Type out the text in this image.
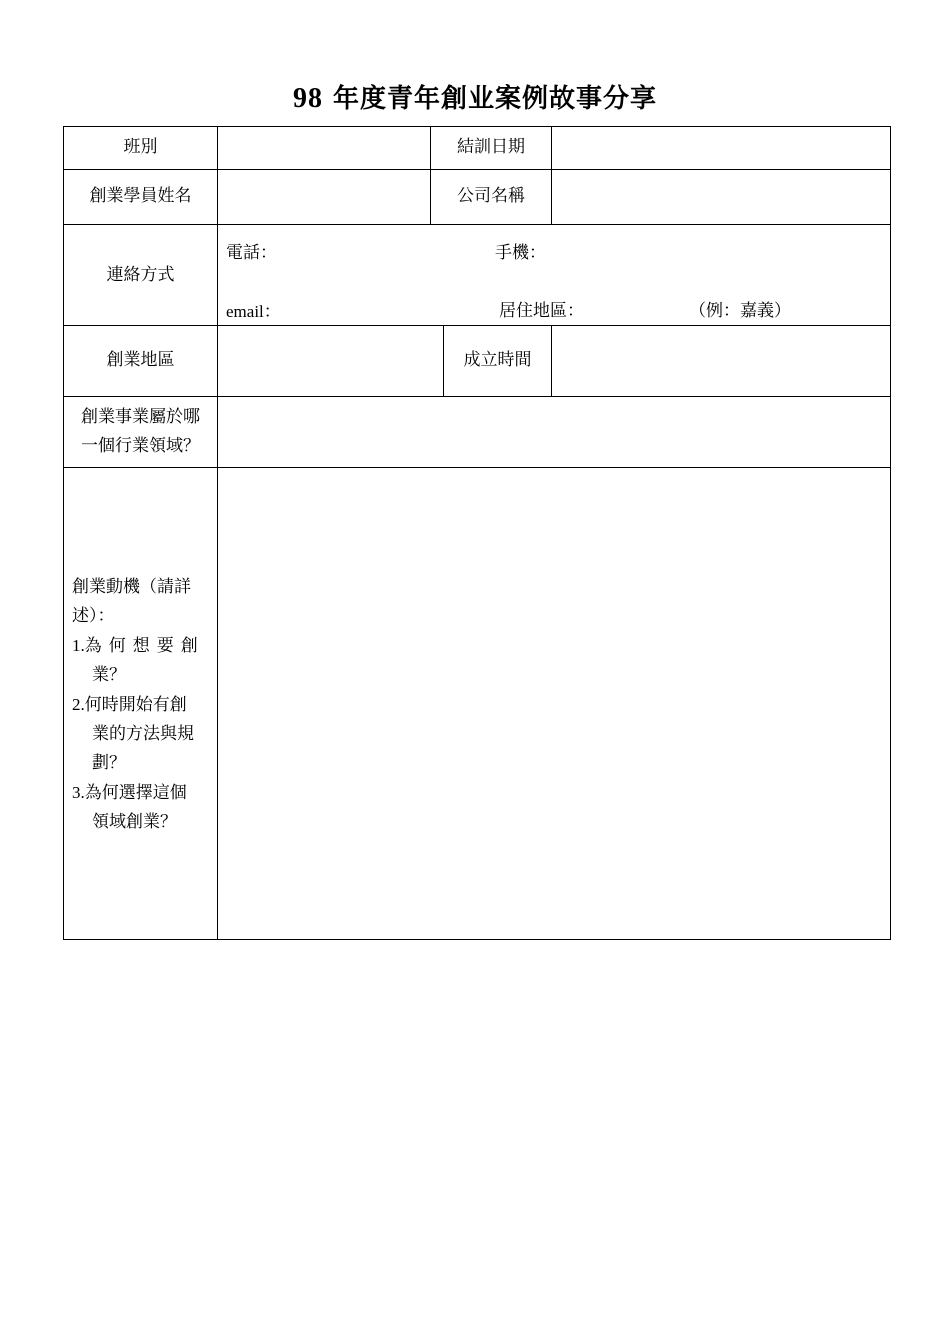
98 年度青年創业案例故事分享
班別	結訓日期
創業學員姓名	公司名稱
連絡方式
電話：	手機：
email：	居住地區：	（例：嘉義）
創業地區	成立時間
創業事業屬於哪
一個行業領域？
創業動機（請詳
述）：
1.為何想要創
業？
2.何時開始有創
業的方法與規
劃？
3.為何選擇這個
領域創業？
